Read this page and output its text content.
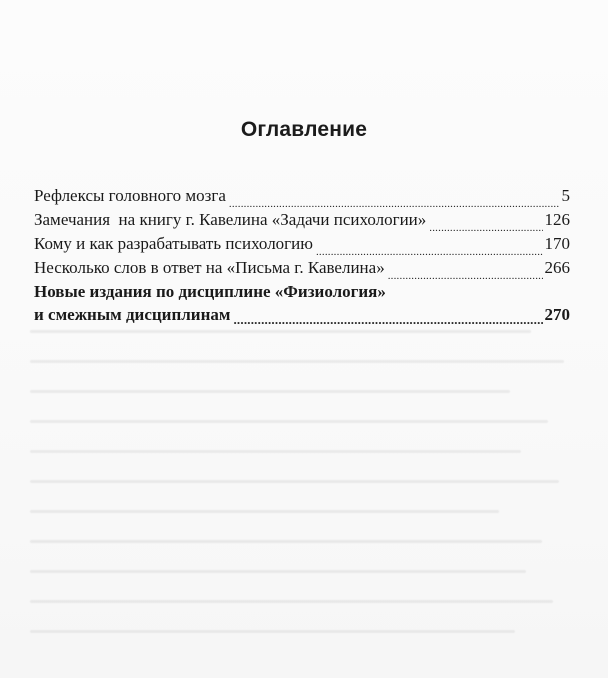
Оглавление
Рефлексы головного мозга .....	5
Замечания  на книгу г. Кавелина «Задачи психологии» .....	126
Кому и как разрабатывать психологию .....	170
Несколько слов в ответ на «Письма г. Кавелина» .....	266
Новые издания по дисциплине «Физиология»
и смежным дисциплинам .....	270
